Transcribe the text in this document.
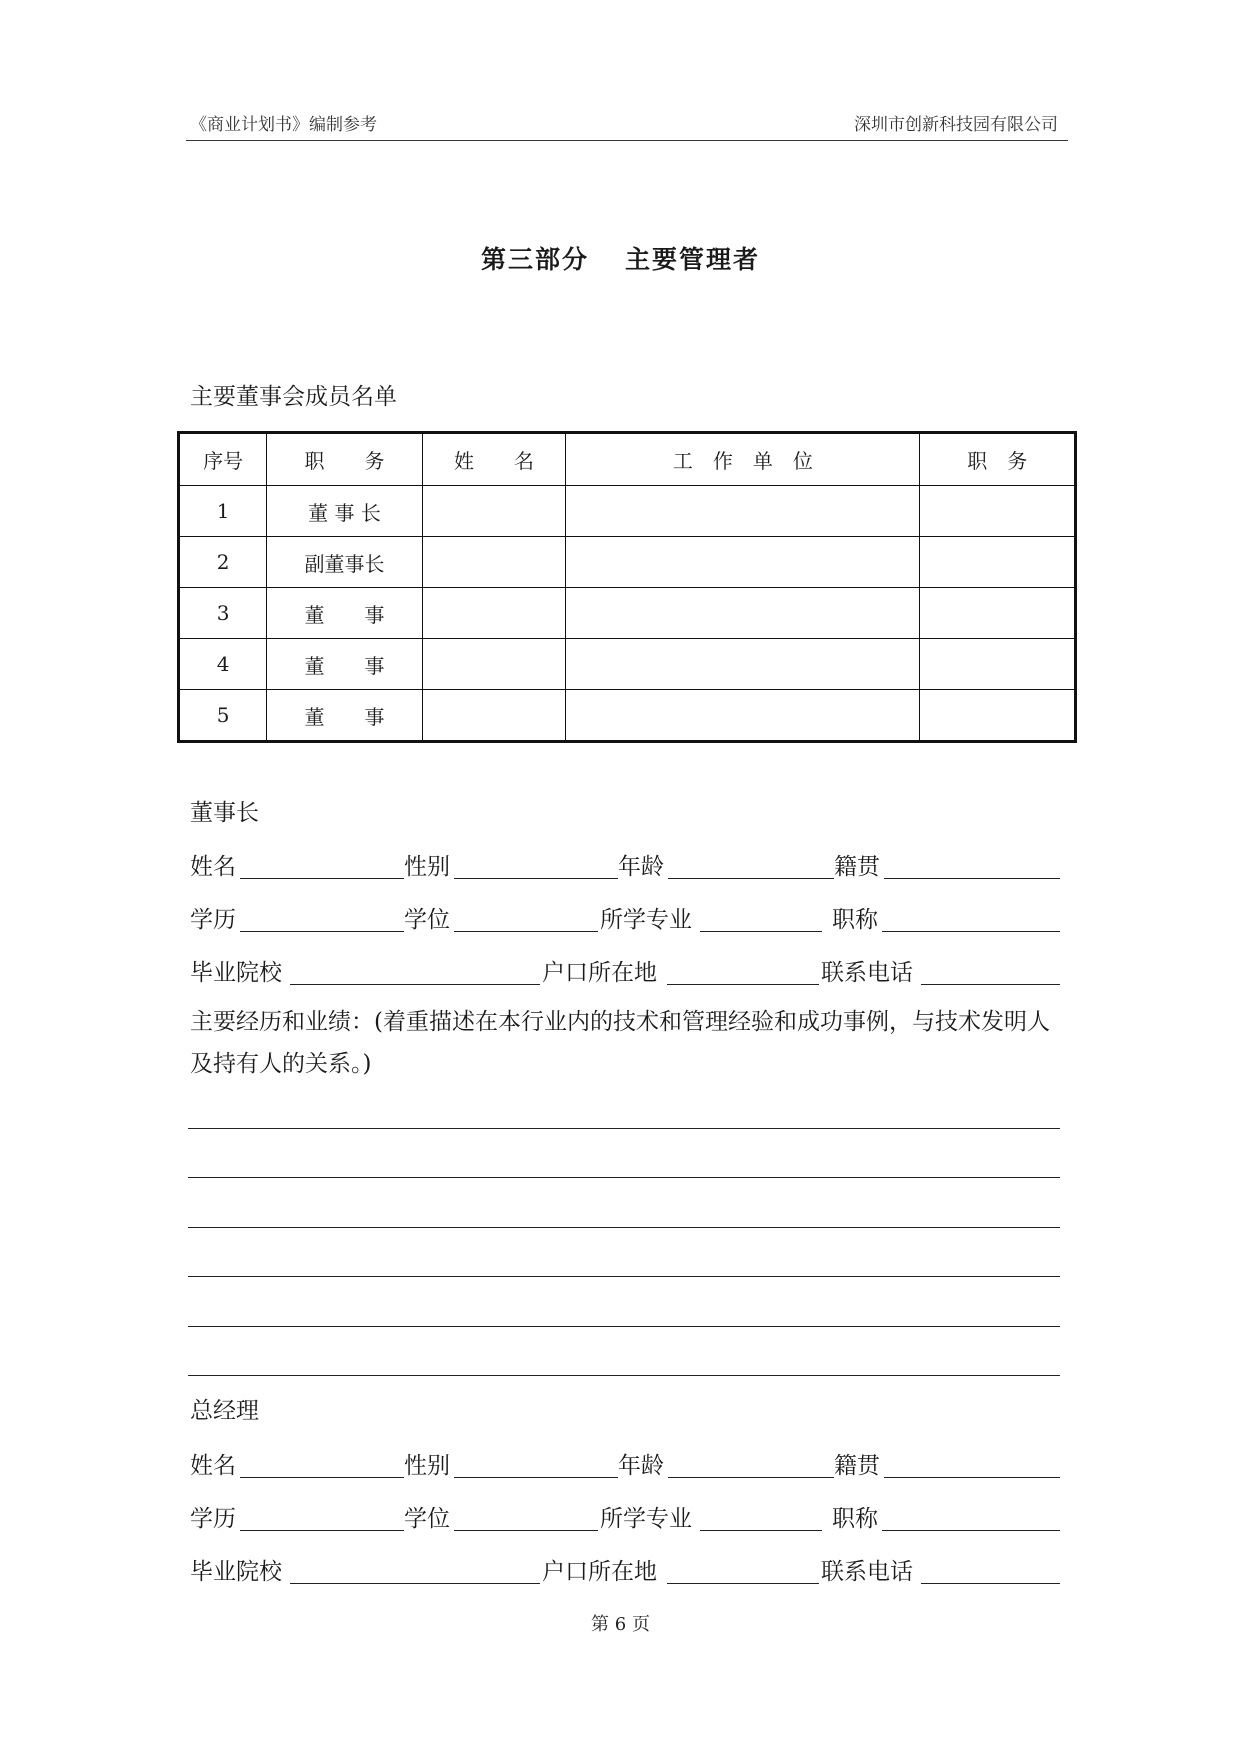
《商业计划书》编制参考	深圳市创新科技园有限公司
第三部分 主要管理者
主要董事会成员名单
序号	职　　务	姓　　名	工　作　单　位	职　务
1	董 事 长			
2	副董事长			
3	董　　事			
4	董　　事			
5	董　　事			
董事长
姓名	性别	年龄	籍贯
学历	学位	所学专业	职称
毕业院校	户口所在地	联系电话
主要经历和业绩：(着重描述在本行业内的技术和管理经验和成功事例，与技术发明人及持有人的关系。)
总经理
姓名	性别	年龄	籍贯
学历	学位	所学专业	职称
毕业院校	户口所在地	联系电话
第 6 页
